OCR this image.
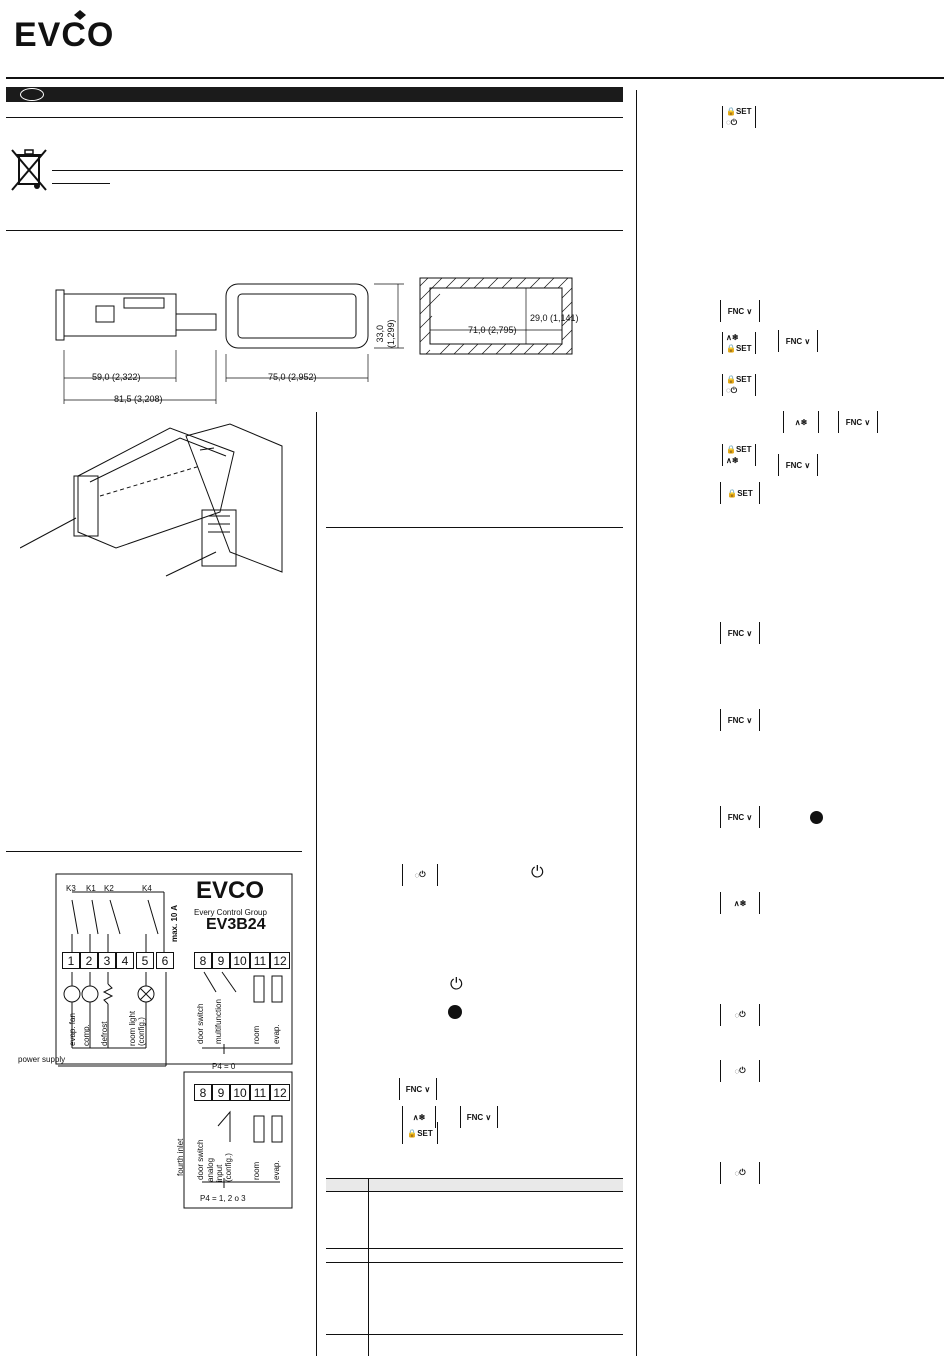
EVCO
59,0 (2,322)
81,5 (3,208)
75,0 (2,952)
33,0
(1,299)
29,0 (1,141)
71,0 (2,795)
K3 K1 K2	K4
max. 10 A
EVCO
Every Control Group
EV3B24
1 2 3 4	5	6	8 9 10 11 12
evap. fan comp. defrost room light
(config.)	door switch multifunction	room evap.
power supply
P4 = 0
8 9 10 11 12
fourth inlet door switch analog
input
(config.) room evap.
P4 = 1, 2 o 3
◌ ⏻	⏻
⏻
FNC ∨
∧❄	FNC ∨
🔒 SET
🔒SET
◌⏻
FNC ∨
∧❄
🔒SET
FNC ∨
🔒SET
◌⏻
∧❄	FNC ∨
🔒SET
∧❄	FNC ∨
🔒 SET
FNC ∨
FNC ∨
FNC ∨
∧❄
◌ ⏻
◌ ⏻
◌ ⏻
